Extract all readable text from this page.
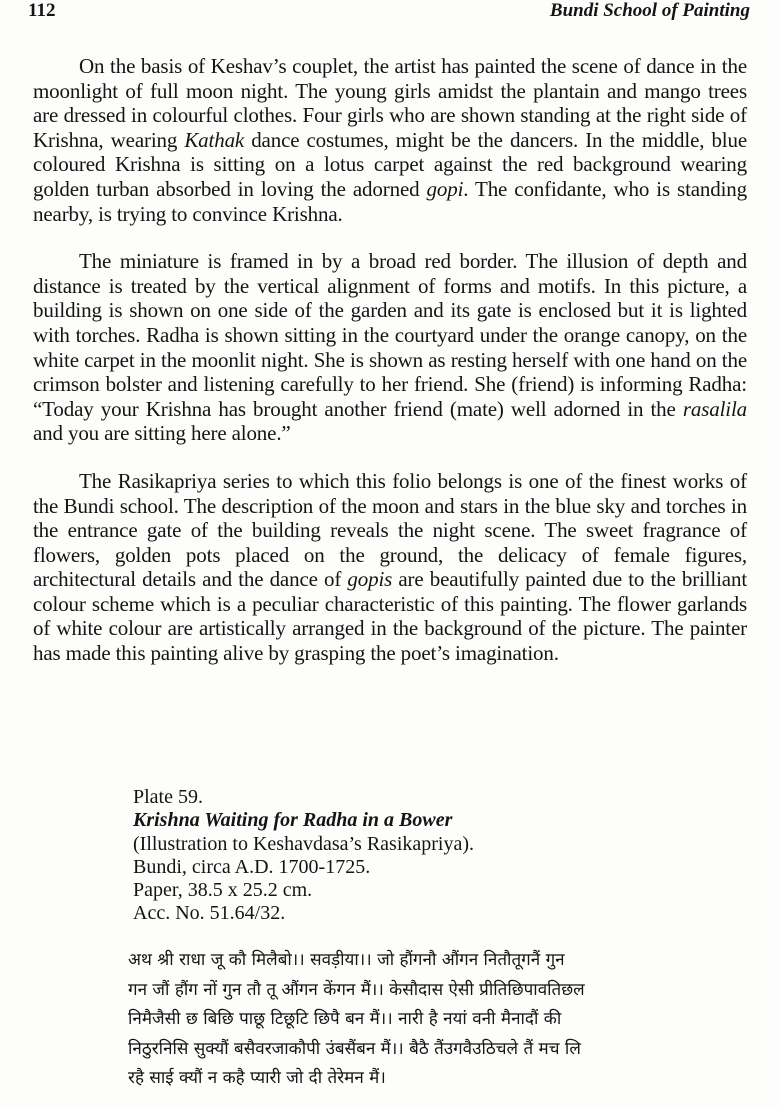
112	Bundi School of Painting

On the basis of Keshav’s couplet, the artist has painted the scene of dance in the moonlight of full moon night. The young girls amidst the plantain and mango trees are dressed in colourful clothes. Four girls who are shown standing at the right side of Krishna, wearing Kathak dance costumes, might be the dancers. In the middle, blue coloured Krishna is sitting on a lotus carpet against the red background wearing golden turban absorbed in loving the adorned gopi. The confidante, who is standing nearby, is trying to convince Krishna.

The miniature is framed in by a broad red border. The illusion of depth and distance is treated by the vertical alignment of forms and motifs. In this picture, a building is shown on one side of the garden and its gate is enclosed but it is lighted with torches. Radha is shown sitting in the courtyard under the orange canopy, on the white carpet in the moonlit night. She is shown as resting herself with one hand on the crimson bolster and listening carefully to her friend. She (friend) is informing Radha: “Today your Krishna has brought another friend (mate) well adorned in the rasalila and you are sitting here alone.”

The Rasikapriya series to which this folio belongs is one of the finest works of the Bundi school. The description of the moon and stars in the blue sky and torches in the entrance gate of the building reveals the night scene. The sweet fragrance of flowers, golden pots placed on the ground, the delicacy of female figures, architectural details and the dance of gopis are beautifully painted due to the brilliant colour scheme which is a peculiar characteristic of this painting. The flower garlands of white colour are artistically arranged in the background of the picture. The painter has made this painting alive by grasping the poet’s imagination.

Plate 59.
Krishna Waiting for Radha in a Bower
(Illustration to Keshavdasa’s Rasikapriya).
Bundi, circa A.D. 1700-1725.
Paper, 38.5 x 25.2 cm.
Acc. No. 51.64/32.
अथ श्री राधा जू कौ मिलैबो।। सवड़ीया।। जो हौंगनौ औंगन नितौतूगनैं गुन
गन जौं हौंग नों गुन तौ तू औंगन केंगन मैं।। केसौदास ऐसी प्रीतिछिपावतिछल
निमैजैसी छ बिछि पाछू टिछूटि छिपै बन मैं।। नारी है नयां वनी मैनादौं की
निठुरनिसि सुक्यौं बसैवरजाकौपी उंबसैंबन मैं।। बैठै तैंउगवैउठिचले तैं मच लि
रहै साई क्यौं न कहै प्यारी जो दी तेरेमन मैं।
